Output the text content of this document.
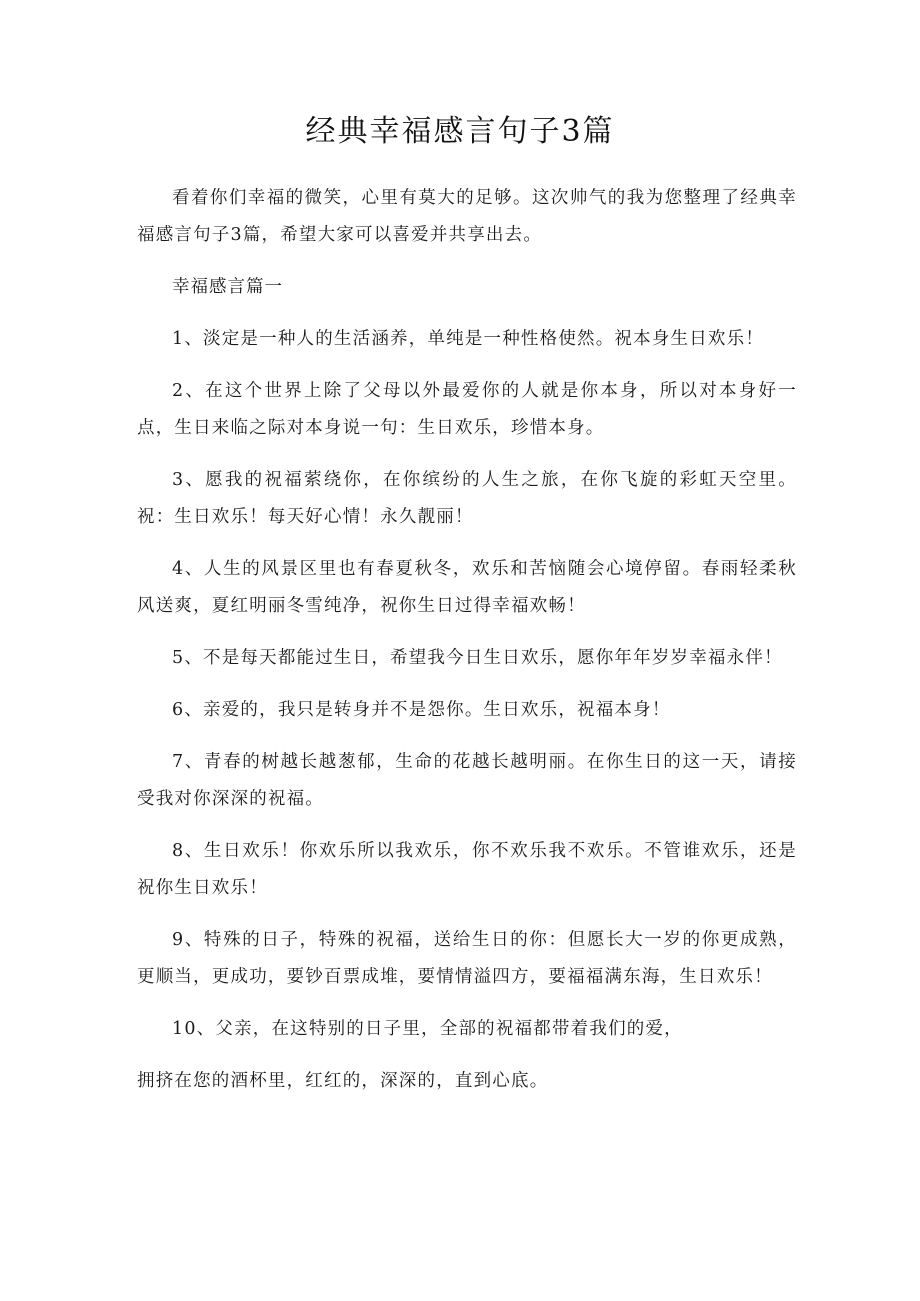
经典幸福感言句子3篇

看着你们幸福的微笑，心里有莫大的足够。这次帅气的我为您整理了经典幸福感言句子3篇，希望大家可以喜爱并共享出去。

幸福感言篇一

1、淡定是一种人的生活涵养，单纯是一种性格使然。祝本身生日欢乐！

2、在这个世界上除了父母以外最爱你的人就是你本身，所以对本身好一点，生日来临之际对本身说一句：生日欢乐，珍惜本身。

3、愿我的祝福萦绕你，在你缤纷的人生之旅，在你飞旋的彩虹天空里。祝：生日欢乐！每天好心情！永久靓丽！

4、人生的风景区里也有春夏秋冬，欢乐和苦恼随会心境停留。春雨轻柔秋风送爽，夏红明丽冬雪纯净，祝你生日过得幸福欢畅！

5、不是每天都能过生日，希望我今日生日欢乐，愿你年年岁岁幸福永伴！

6、亲爱的，我只是转身并不是怨你。生日欢乐，祝福本身！

7、青春的树越长越葱郁，生命的花越长越明丽。在你生日的这一天，请接受我对你深深的祝福。

8、生日欢乐！你欢乐所以我欢乐，你不欢乐我不欢乐。不管谁欢乐，还是祝你生日欢乐！

9、特殊的日子，特殊的祝福，送给生日的你：但愿长大一岁的你更成熟，更顺当，更成功，要钞百票成堆，要情情溢四方，要福福满东海，生日欢乐！

10、父亲，在这特别的日子里，全部的祝福都带着我们的爱，

拥挤在您的酒杯里，红红的，深深的，直到心底。
